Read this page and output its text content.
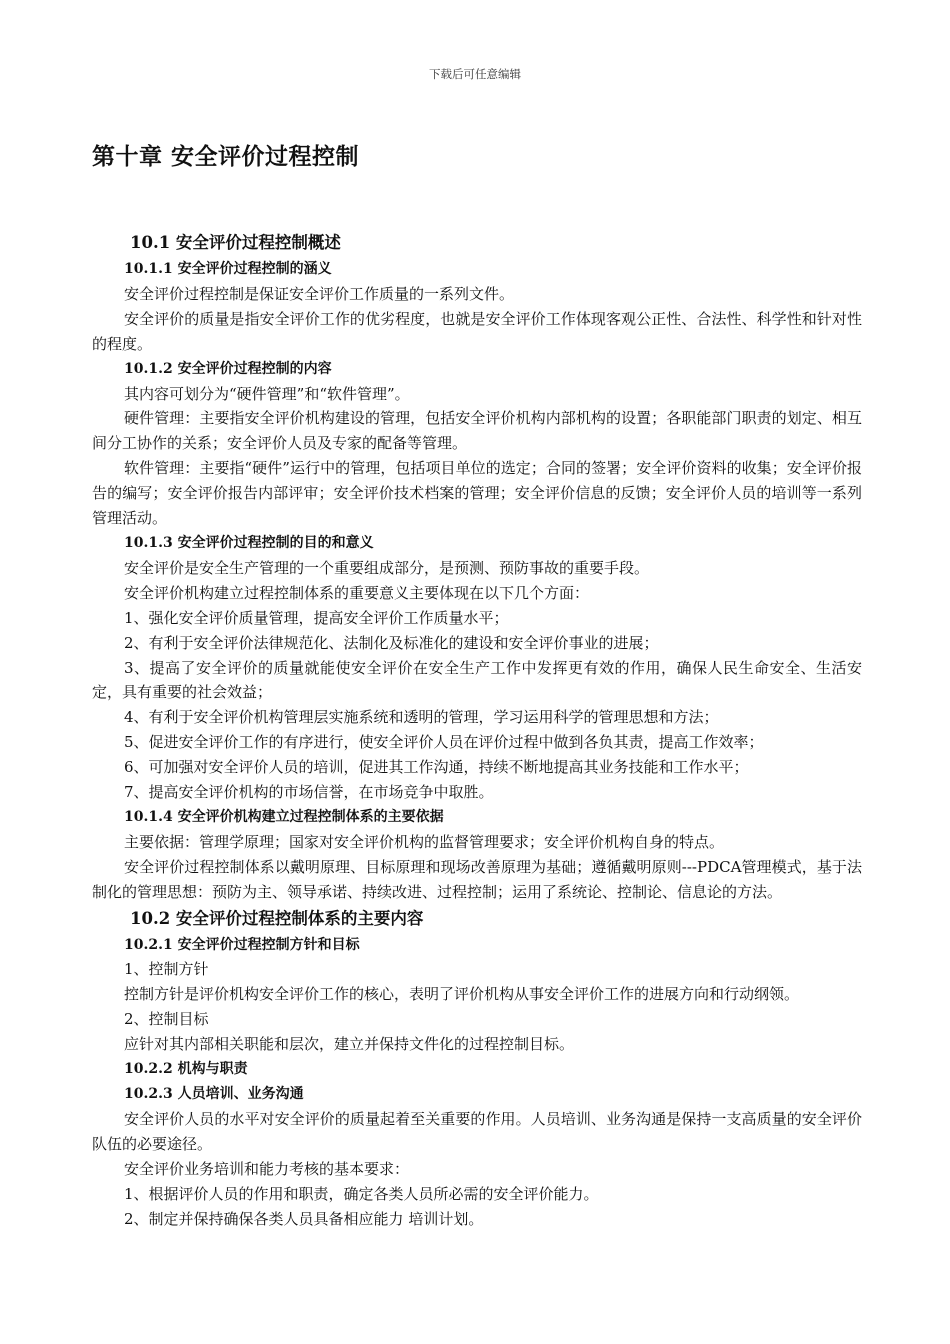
下载后可任意编辑
第十章 安全评价过程控制

10.1 安全评价过程控制概述

10.1.1 安全评价过程控制的涵义

安全评价过程控制是保证安全评价工作质量的一系列文件。

安全评价的质量是指安全评价工作的优劣程度，也就是安全评价工作体现客观公正性、合法性、科学性和针对性的程度。

10.1.2 安全评价过程控制的内容

其内容可划分为“硬件管理”和“软件管理”。

硬件管理：主要指安全评价机构建设的管理，包括安全评价机构内部机构的设置；各职能部门职责的划定、相互间分工协作的关系；安全评价人员及专家的配备等管理。

软件管理：主要指“硬件”运行中的管理，包括项目单位的选定；合同的签署；安全评价资料的收集；安全评价报告的编写；安全评价报告内部评审；安全评价技术档案的管理；安全评价信息的反馈；安全评价人员的培训等一系列管理活动。

10.1.3 安全评价过程控制的目的和意义

安全评价是安全生产管理的一个重要组成部分，是预测、预防事故的重要手段。

安全评价机构建立过程控制体系的重要意义主要体现在以下几个方面：

1、强化安全评价质量管理，提高安全评价工作质量水平；

2、有利于安全评价法律规范化、法制化及标准化的建设和安全评价事业的进展；

3、提高了安全评价的质量就能使安全评价在安全生产工作中发挥更有效的作用，确保人民生命安全、生活安定，具有重要的社会效益；

4、有利于安全评价机构管理层实施系统和透明的管理，学习运用科学的管理思想和方法；

5、促进安全评价工作的有序进行，使安全评价人员在评价过程中做到各负其责，提高工作效率；

6、可加强对安全评价人员的培训，促进其工作沟通，持续不断地提高其业务技能和工作水平；

7、提高安全评价机构的市场信誉，在市场竞争中取胜。

10.1.4 安全评价机构建立过程控制体系的主要依据

主要依据：管理学原理；国家对安全评价机构的监督管理要求；安全评价机构自身的特点。

安全评价过程控制体系以戴明原理、目标原理和现场改善原理为基础；遵循戴明原则---PDCA管理模式，基于法制化的管理思想：预防为主、领导承诺、持续改进、过程控制；运用了系统论、控制论、信息论的方法。

10.2 安全评价过程控制体系的主要内容

10.2.1 安全评价过程控制方针和目标

1、控制方针

控制方针是评价机构安全评价工作的核心，表明了评价机构从事安全评价工作的进展方向和行动纲领。

2、控制目标

应针对其内部相关职能和层次，建立并保持文件化的过程控制目标。

10.2.2 机构与职责

10.2.3 人员培训、业务沟通

安全评价人员的水平对安全评价的质量起着至关重要的作用。人员培训、业务沟通是保持一支高质量的安全评价队伍的必要途径。

安全评价业务培训和能力考核的基本要求：

1、根据评价人员的作用和职责，确定各类人员所必需的安全评价能力。

2、制定并保持确保各类人员具备相应能力 培训计划。
